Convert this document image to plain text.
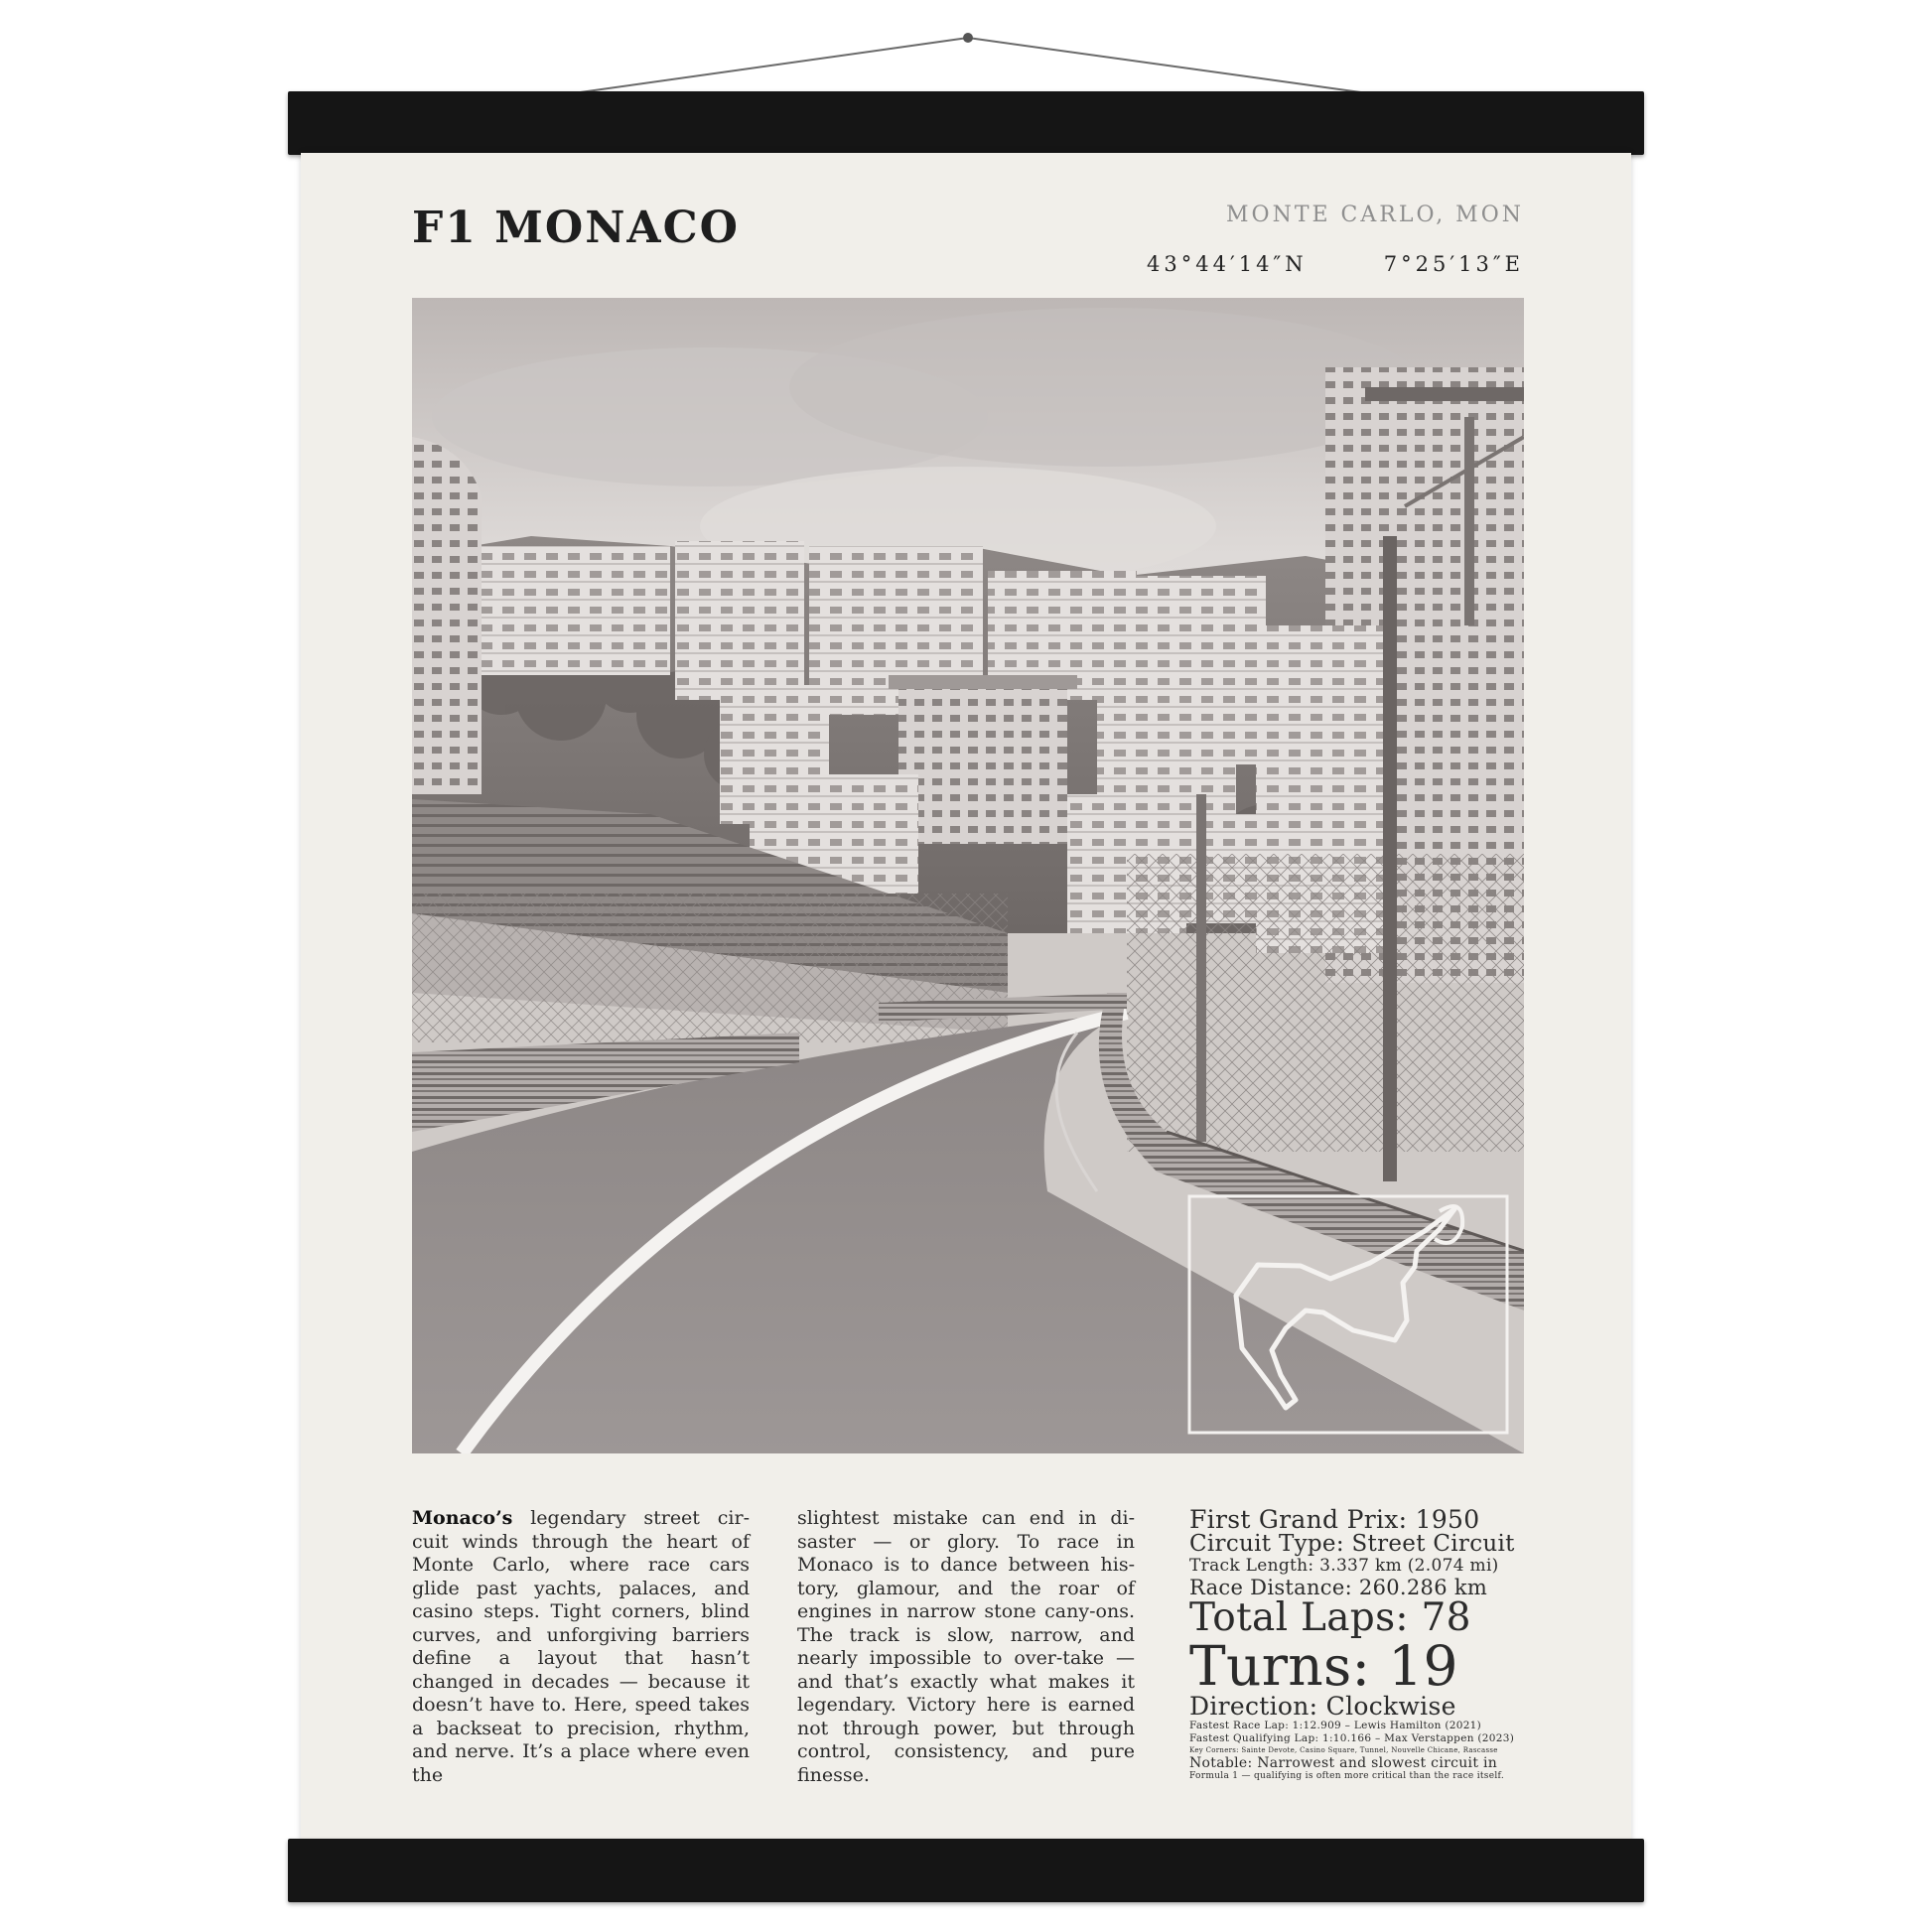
F1 MONACO	MONTE CARLO, MON
43°44′14″N	7°25′13″E
Monaco’s legendary street cir-cuit winds through the heart of Monte Carlo, where race cars glide past yachts, palaces, and casino steps. Tight corners, blind curves, and unforgiving barriers define a layout that hasn’t changed in decades — because it doesn’t have to. Here, speed takes a backseat to precision, rhythm, and nerve. It’s a place where even the
slightest mistake can end in di-saster — or glory. To race in Monaco is to dance between his-tory, glamour, and the roar of engines in narrow stone cany-ons. The track is slow, narrow, and nearly impossible to over-take — and that’s exactly what makes it legendary. Victory here is earned not through power, but through control, consistency, and pure finesse.
First Grand Prix: 1950
Circuit Type: Street Circuit
Track Length: 3.337 km (2.074 mi)
Race Distance: 260.286 km
Total Laps: 78
Turns: 19
Direction: Clockwise
Fastest Race Lap: 1:12.909 – Lewis Hamilton (2021)
Fastest Qualifying Lap: 1:10.166 – Max Verstappen (2023)
Key Corners: Sainte Devote, Casino Square, Tunnel, Nouvelle Chicane, Rascasse
Notable: Narrowest and slowest circuit in
Formula 1 — qualifying is often more critical than the race itself.
